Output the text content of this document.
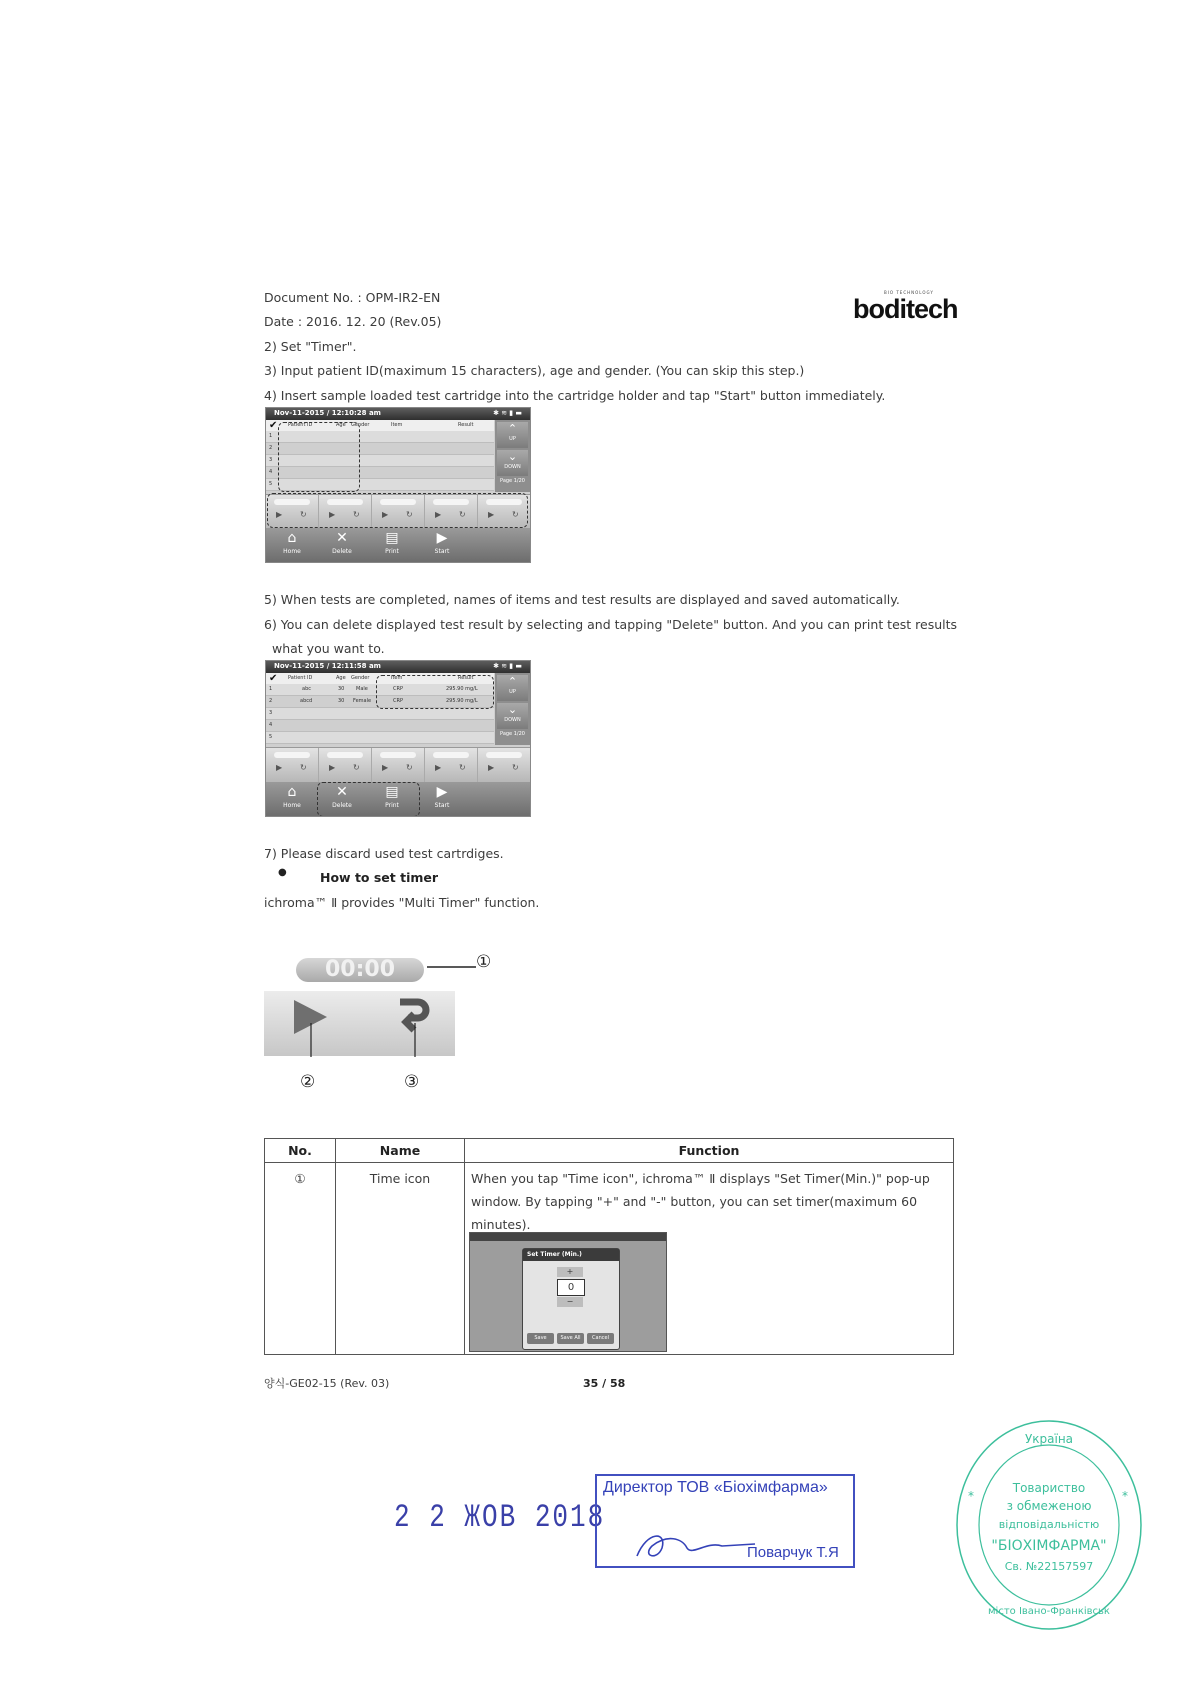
Document No. : OPM-IR2-EN
Date : 2016. 12. 20 (Rev.05)
BIO TECHNOLOGY
boditech
2) Set "Timer".
3) Input patient ID(maximum 15 characters), age and gender. (You can skip this step.)
4) Insert sample loaded test cartridge into the cartridge holder and tap "Start" button immediately.
Nov-11-2015 / 12:10:28 am	✱ ≋ ▮ ▬
Patient ID	Age Gender	Item	Result
✔
1
2
3
4
5
⌃
UP
⌄
DOWN
Page 1/20
▶ ↻	▶ ↻	▶ ↻	▶ ↻	▶ ↻
⌂
Home
✕
Delete
▤
Print
▶
Start
5) When tests are completed, names of items and test results are displayed and saved automatically.
6) You can delete displayed test result by selecting and tapping "Delete" button. And you can print test results
what you want to.
Nov-11-2015 / 12:11:58 am	✱ ≋ ▮ ▬
Patient ID	Age Gender	Item	Result
✔
1	abc	30 Male	CRP	295.90 mg/L
2	abcd	30 Female	CRP	295.90 mg/L
3
4
5
⌃
UP
⌄
DOWN
Page 1/20
▶ ↻	▶ ↻	▶ ↻	▶ ↻	▶ ↻
⌂
Home
✕
Delete
▤
Print
▶
Start
7) Please discard used test cartrdiges.
●	How to set timer
ichroma™ Ⅱ provides "Multi Timer" function.
00:00	①
②	③
No.	Name	Function
①	Time icon	When you tap "Time icon", ichroma™ Ⅱ displays "Set Timer(Min.)" pop-up
window. By tapping "+" and "-" button, you can set timer(maximum 60
minutes).
Set Timer (Min.)
+
0
−
Save	Save All	Cancel
양식-GE02-15 (Rev. 03)	35 / 58
2 2 ЖОВ 2018
Директор ТОВ «Біохімфарма»
Поварчук Т.Я
Україна
Товариство
з обмеженою
відповідальністю
"БІОХІМФАРМА"
Св. №22157597
місто Івано-Франківськ
*	*
